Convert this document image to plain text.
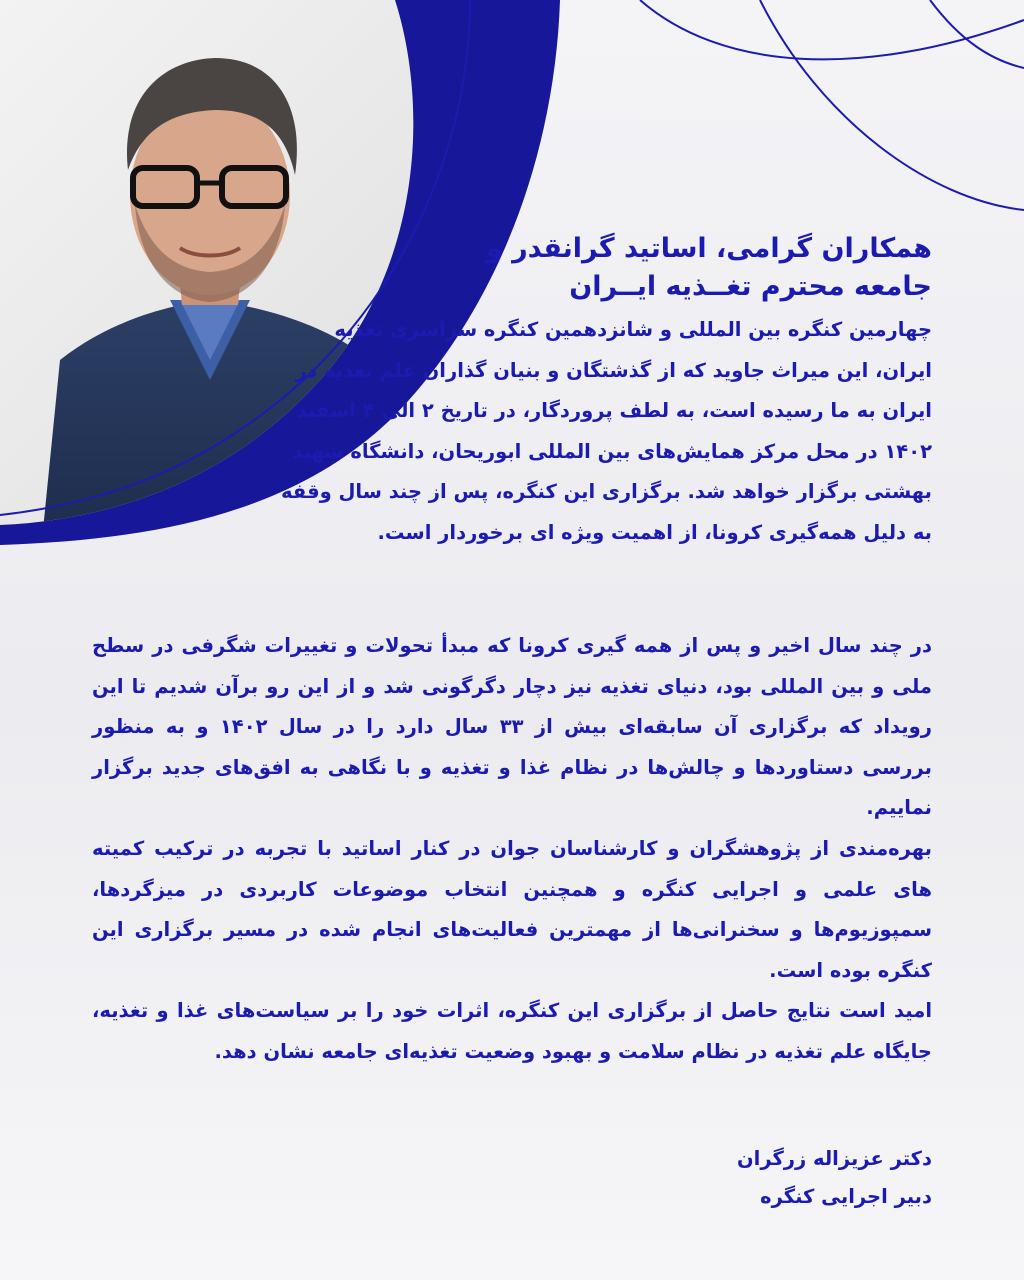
همکاران گرامی، اساتید گرانقدر و
جامعه محترم تغــذیه ایــران
چهارمین کنگره بین المللی و شانزدهمین کنگره سراسری تغذیه ایران، این میراث جاوید که از گذشتگان و بنیان گذاران علم تغذیه در ایران به ما رسیده است، به لطف پروردگار، در تاریخ ۲ الی ۴ اسفند ۱۴۰۲ در محل مرکز همایش‌های بین المللی ابوریحان، دانشگاه شهید بهشتی برگزار خواهد شد. برگزاری این کنگره، پس از چند سال وقفه به دلیل همه‌گیری کرونا، از اهمیت ویژه ای برخوردار است.

در چند سال اخیر و پس از همه گیری کرونا که مبدأ تحولات و تغییرات شگرفی در سطح ملی و بین المللی بود، دنیای تغذیه نیز دچار دگرگونی شد و از این رو برآن شدیم تا این رویداد که برگزاری آن سابقه‌ای بیش از ۳۳ سال دارد را در سال ۱۴۰۲ و به منظور بررسی دستاوردها و چالش‌ها در نظام غذا و تغذیه و با نگاهی به افق‌های جدید برگزار نماییم.

بهره‌مندی از پژوهشگران و کارشناسان جوان در کنار اساتید با تجربه در ترکیب کمیته های علمی و اجرایی کنگره و همچنین انتخاب موضوعات کاربردی در میزگردها، سمپوزیوم‌ها و سخنرانی‌ها از مهمترین فعالیت‌های انجام شده در مسیر برگزاری این کنگره بوده است.

امید است نتایج حاصل از برگزاری این کنگره، اثرات خود را بر سیاست‌های غذا و تغذیه، جایگاه علم تغذیه در نظام سلامت و بهبود وضعیت تغذیه‌ای جامعه نشان دهد.

دکتر عزیزاله زرگران
دبیر اجرایی کنگره
